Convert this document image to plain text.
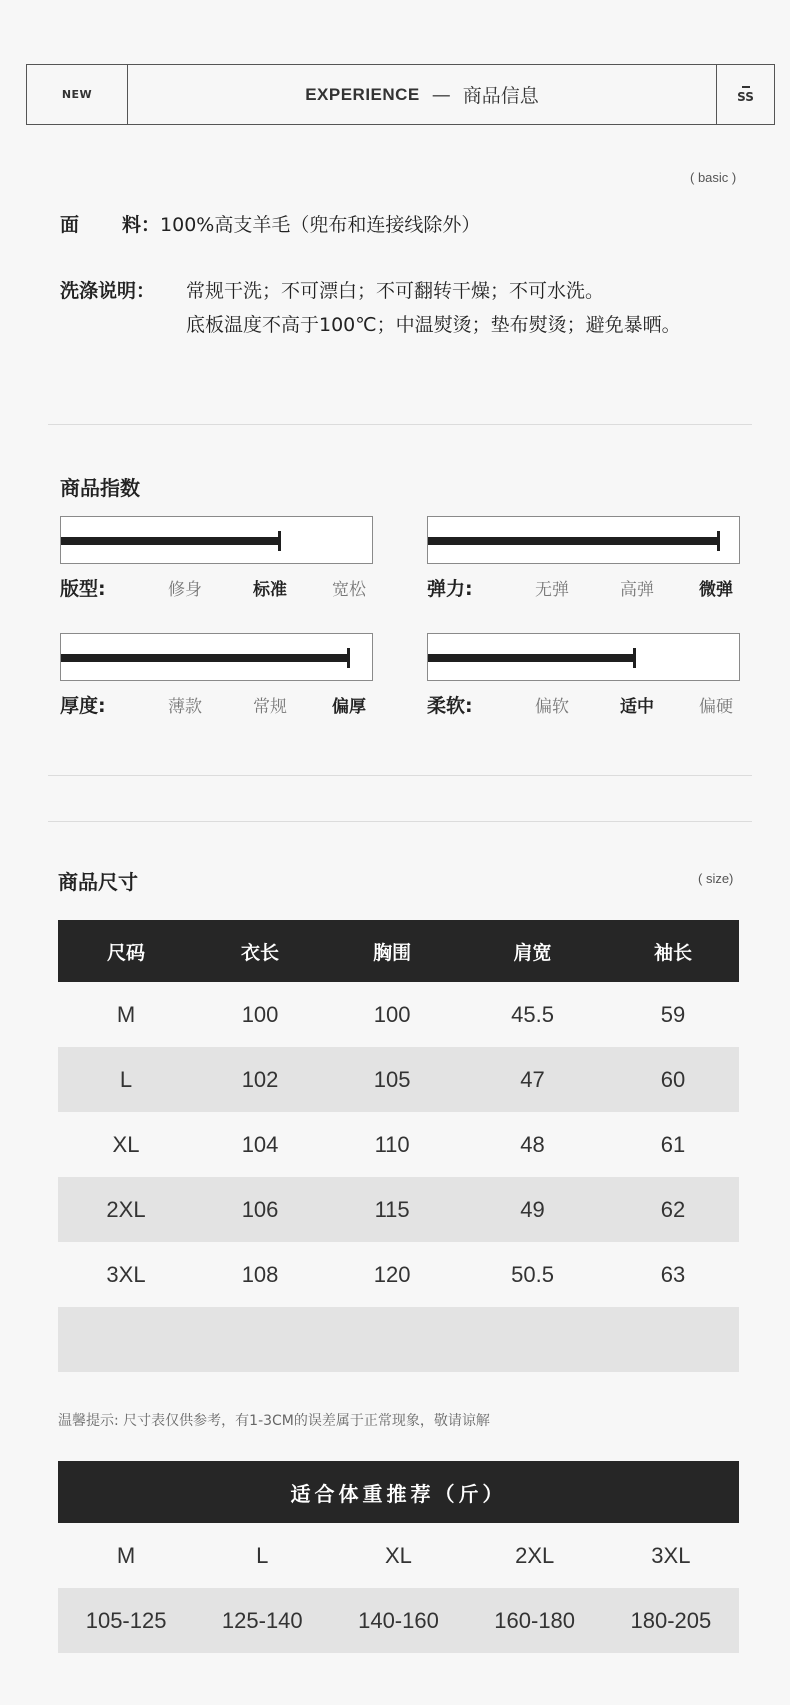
NEW	EXPERIENCE — 商品信息	SS
( basic )
面 料：100%高支羊毛（兜布和连接线除外）
洗涤说明： 常规干洗；不可漂白；不可翻转干燥；不可水洗。
底板温度不高于100℃；中温熨烫；垫布熨烫；避免暴晒。
商品指数
版型:	修身	标准	宽松	弹力:	无弹	高弹	微弹
厚度:	薄款	常规	偏厚	柔软:	偏软	适中	偏硬
商品尺寸	( size)
尺码	衣长	胸围	肩宽	袖长
M	100	100	45.5	59
L	102	105	47	60
XL	104	110	48	61
2XL	106	115	49	62
3XL	108	120	50.5	63

温馨提示: 尺寸表仅供参考，有1-3CM的误差属于正常现象，敬请谅解
适合体重推荐（斤）
M	L	XL	2XL	3XL
105-125	125-140	140-160	160-180	180-205
